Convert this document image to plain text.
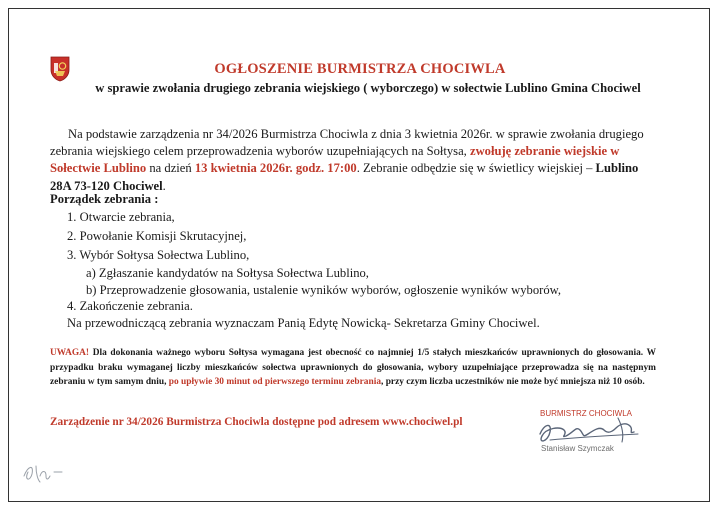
OGŁOSZENIE BURMISTRZA CHOCIWLA
w sprawie zwołania drugiego zebrania wiejskiego ( wyborczego) w sołectwie Lublino Gmina Chociwel
Na podstawie zarządzenia nr 34/2026 Burmistrza Chociwla z dnia 3 kwietnia 2026r. w sprawie zwołania drugiego zebrania wiejskiego celem przeprowadzenia wyborów uzupełniających na Sołtysa, zwołuję zebranie wiejskie w Sołectwie Lublino na dzień 13 kwietnia 2026r. godz. 17:00. Zebranie odbędzie się w świetlicy wiejskiej – Lublino 28A 73-120 Chociwel.
Porządek zebrania :
1. Otwarcie zebrania,
2. Powołanie Komisji Skrutacyjnej,
3. Wybór Sołtysa Sołectwa Lublino,
a) Zgłaszanie kandydatów na Sołtysa Sołectwa Lublino,
b) Przeprowadzenie głosowania, ustalenie wyników wyborów, ogłoszenie wyników wyborów,
4. Zakończenie zebrania.
Na przewodniczącą zebrania wyznaczam Panią Edytę Nowicką- Sekretarza Gminy Chociwel.
UWAGA! Dla dokonania ważnego wyboru Sołtysa wymagana jest obecność co najmniej 1/5 stałych mieszkańców uprawnionych do głosowania. W przypadku braku wymaganej liczby mieszkańców sołectwa uprawnionych do głosowania, wybory uzupełniające przeprowadza się na następnym zebraniu w tym samym dniu, po upływie 30 minut od pierwszego terminu zebrania, przy czym liczba uczestników nie może być mniejsza niż 10 osób.
Zarządzenie nr 34/2026 Burmistrza Chociwla dostępne pod adresem www.chociwel.pl
BURMISTRZ CHOCIWLA
Stanisław Szymczak
